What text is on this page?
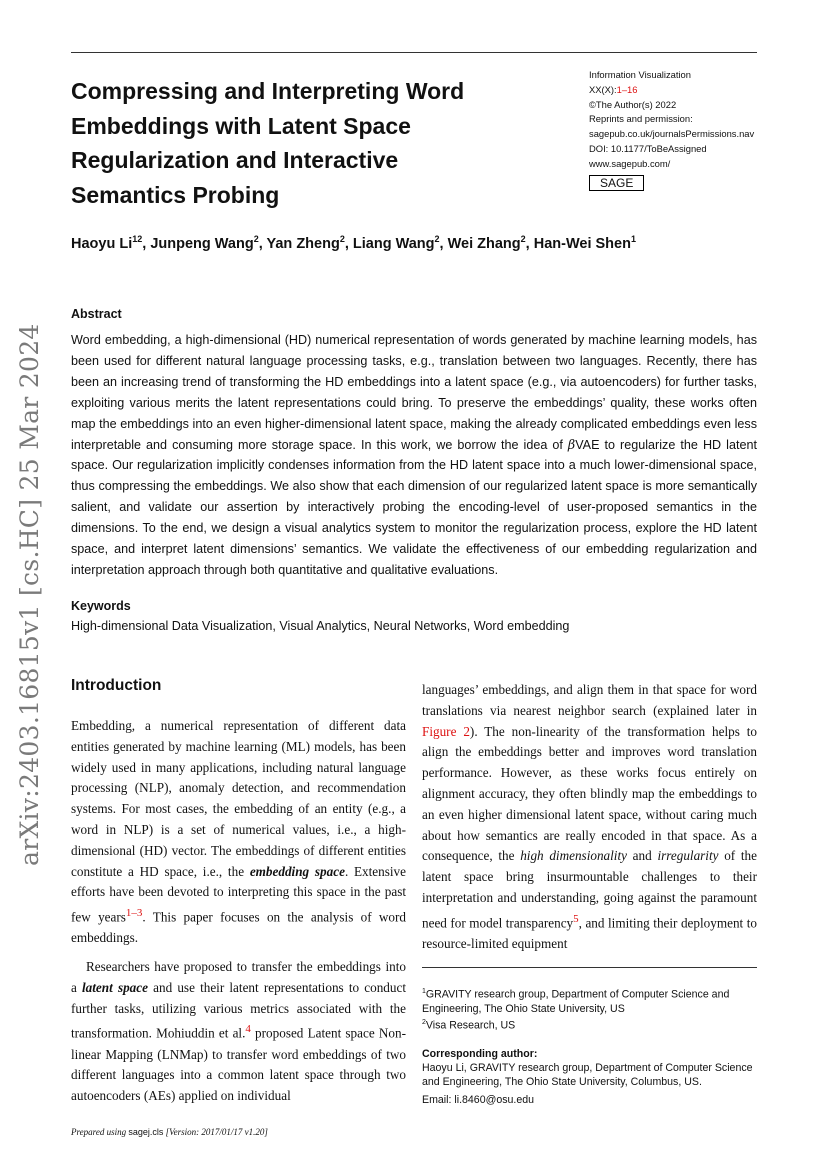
arXiv:2403.16815v1 [cs.HC] 25 Mar 2024
Compressing and Interpreting Word Embeddings with Latent Space Regularization and Interactive Semantics Probing
Information Visualization
XX(X):1–16
©The Author(s) 2022
Reprints and permission:
sagepub.co.uk/journalsPermissions.nav
DOI: 10.1177/ToBeAssigned
www.sagepub.com/
SAGE
Haoyu Li$^{12}$, Junpeng Wang$^2$, Yan Zheng$^2$, Liang Wang$^2$, Wei Zhang$^2$, Han-Wei Shen$^1$
Abstract
Word embedding, a high-dimensional (HD) numerical representation of words generated by machine learning models, has been used for different natural language processing tasks, e.g., translation between two languages. Recently, there has been an increasing trend of transforming the HD embeddings into a latent space (e.g., via autoencoders) for further tasks, exploiting various merits the latent representations could bring. To preserve the embeddings’ quality, these works often map the embeddings into an even higher-dimensional latent space, making the already complicated embeddings even less interpretable and consuming more storage space. In this work, we borrow the idea of βVAE to regularize the HD latent space. Our regularization implicitly condenses information from the HD latent space into a much lower-dimensional space, thus compressing the embeddings. We also show that each dimension of our regularized latent space is more semantically salient, and validate our assertion by interactively probing the encoding-level of user-proposed semantics in the dimensions. To the end, we design a visual analytics system to monitor the regularization process, explore the HD latent space, and interpret latent dimensions’ semantics. We validate the effectiveness of our embedding regularization and interpretation approach through both quantitative and qualitative evaluations.
Keywords
High-dimensional Data Visualization, Visual Analytics, Neural Networks, Word embedding
Introduction

Embedding, a numerical representation of different data entities generated by machine learning (ML) models, has been widely used in many applications, including natural language processing (NLP), anomaly detection, and recommendation systems. For most cases, the embedding of an entity (e.g., a word in NLP) is a set of numerical values, i.e., a high-dimensional (HD) vector. The embeddings of different entities constitute a HD space, i.e., the embedding space. Extensive efforts have been devoted to interpreting this space in the past few years$^{1-3}$. This paper focuses on the analysis of word embeddings.

Researchers have proposed to transfer the embeddings into a latent space and use their latent representations to conduct further tasks, utilizing various metrics associated with the transformation. Mohiuddin et al.$^4$ proposed Latent space Non-linear Mapping (LNMap) to transfer word embeddings of two different languages into a common latent space through two autoencoders (AEs) applied on individual

languages’ embeddings, and align them in that space for word translations via nearest neighbor search (explained later in Figure 2). The non-linearity of the transformation helps to align the embeddings better and improves word translation performance. However, as these works focus entirely on alignment accuracy, they often blindly map the embeddings to an even higher dimensional latent space, without caring much about how semantics are really encoded in that space. As a consequence, the high dimensionality and irregularity of the latent space bring insurmountable challenges to their interpretation and understanding, going against the paramount need for model transparency$^5$, and limiting their deployment to resource-limited equipment

$^1$GRAVITY research group, Department of Computer Science and Engineering, The Ohio State University, US
$^2$Visa Research, US
Corresponding author:
Haoyu Li, GRAVITY research group, Department of Computer Science and Engineering, The Ohio State University, Columbus, US.
Email: li.8460@osu.edu
Prepared using sagej.cls [Version: 2017/01/17 v1.20]
